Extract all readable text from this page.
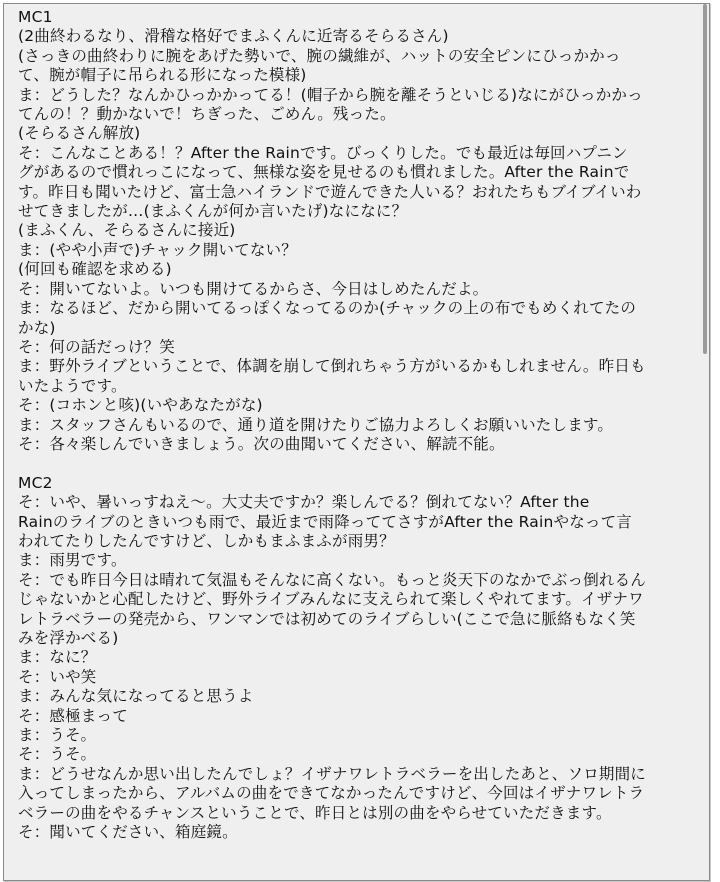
MC1
(2曲終わるなり、滑稽な格好でまふくんに近寄るそらるさん)
(さっきの曲終わりに腕をあげた勢いで、腕の繊維が、ハットの安全ピンにひっかかっ
て、腕が帽子に吊られる形になった模様)
ま：どうした？なんかひっかかってる！(帽子から腕を離そうといじる)なにがひっかかっ
てんの！？動かないで！ちぎった、ごめん。残った。
(そらるさん解放)
そ：こんなことある！？After the Rainです。びっくりした。でも最近は毎回ハプニン
グがあるので慣れっこになって、無様な姿を見せるのも慣れました。After the Rainで
す。昨日も聞いたけど、富士急ハイランドで遊んできた人いる？おれたちもブイブイいわ
せてきましたが…(まふくんが何か言いたげ)なになに？
(まふくん、そらるさんに接近)
ま：(やや小声で)チャック開いてない？
(何回も確認を求める)
そ：開いてないよ。いつも開けてるからさ、今日はしめたんだよ。
ま：なるほど、だから開いてるっぽくなってるのか(チャックの上の布でもめくれてたの
かな)
そ：何の話だっけ？笑
ま：野外ライブということで、体調を崩して倒れちゃう方がいるかもしれません。昨日も
いたようです。
そ：(コホンと咳)(いやあなたがな)
ま：スタッフさんもいるので、通り道を開けたりご協力よろしくお願いいたします。
そ：各々楽しんでいきましょう。次の曲聞いてください、解読不能。
MC2
そ：いや、暑いっすねえ～。大丈夫ですか？楽しんでる？倒れてない？After the
Rainのライブのときいつも雨で、最近まで雨降っててさすがAfter the Rainやなって言
われてたりしたんですけど、しかもまふまふが雨男？
ま：雨男です。
そ：でも昨日今日は晴れて気温もそんなに高くない。もっと炎天下のなかでぶっ倒れるん
じゃないかと心配したけど、野外ライブみんなに支えられて楽しくやれてます。イザナワ
レトラベラーの発売から、ワンマンでは初めてのライブらしい(ここで急に脈絡もなく笑
みを浮かべる)
ま：なに？
そ：いや笑
ま：みんな気になってると思うよ
そ：感極まって
ま：うそ。
そ：うそ。
ま：どうせなんか思い出したんでしょ？イザナワレトラベラーを出したあと、ソロ期間に
入ってしまったから、アルバムの曲をできてなかったんですけど、今回はイザナワレトラ
ベラーの曲をやるチャンスということで、昨日とは別の曲をやらせていただきます。
そ：聞いてください、箱庭鏡。
